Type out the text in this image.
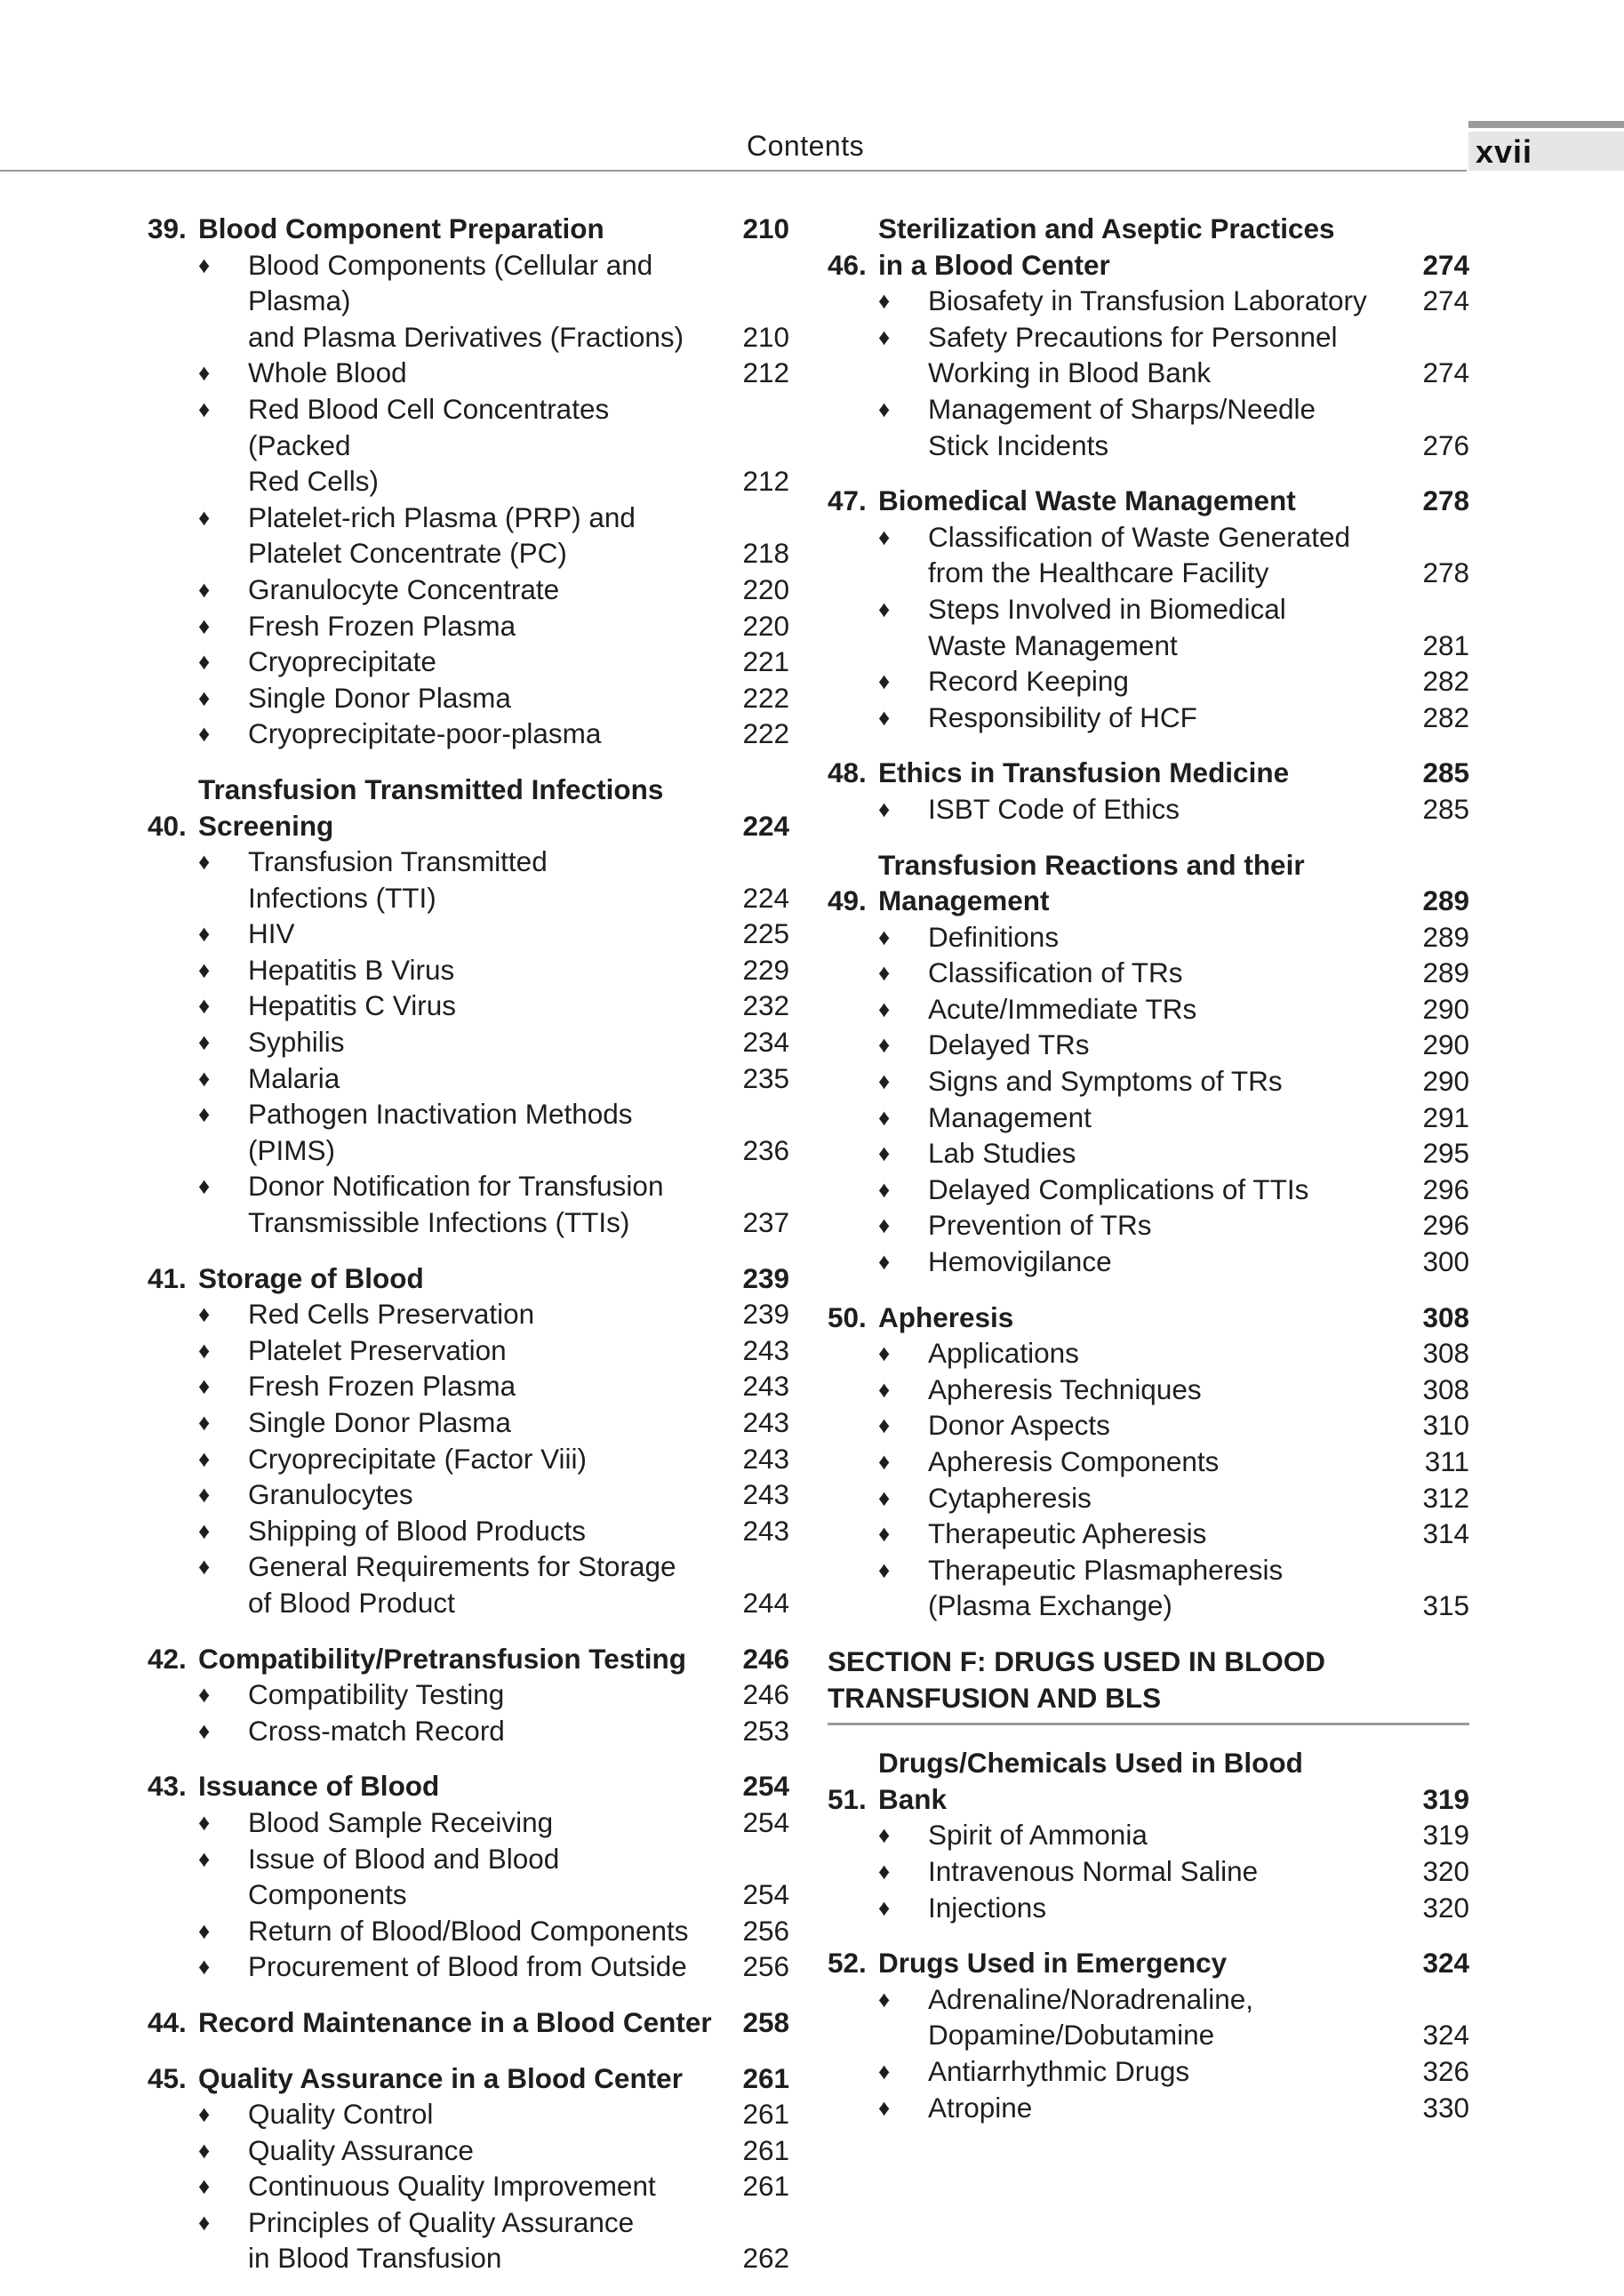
Contents	xvii
39. Blood Component Preparation	210
♦	Blood Components (Cellular and Plasma)
and Plasma Derivatives (Fractions)	210
♦	Whole Blood	212
♦	Red Blood Cell Concentrates (Packed
Red Cells)	212
♦	Platelet-rich Plasma (PRP) and
Platelet Concentrate (PC)	218
♦	Granulocyte Concentrate	220
♦	Fresh Frozen Plasma	220
♦	Cryoprecipitate	221
♦	Single Donor Plasma	222
♦	Cryoprecipitate-poor-plasma	222
40.
Transfusion Transmitted Infections
Screening	224
♦	Transfusion Transmitted
Infections (TTI)	224
♦	HIV	225
♦	Hepatitis B Virus	229
♦	Hepatitis C Virus	232
♦	Syphilis	234
♦	Malaria	235
♦	Pathogen Inactivation Methods (PIMS)	236
♦	Donor Notification for Transfusion
Transmissible Infections (TTIs)	237
41. Storage of Blood	239
♦	Red Cells Preservation	239
♦	Platelet Preservation	243
♦	Fresh Frozen Plasma	243
♦	Single Donor Plasma	243
♦	Cryoprecipitate (Factor Viii)	243
♦	Granulocytes	243
♦	Shipping of Blood Products	243
♦	General Requirements for Storage
of Blood Product	244
42. Compatibility/Pretransfusion Testing	246
♦	Compatibility Testing	246
♦	Cross-match Record	253
43. Issuance of Blood	254
♦	Blood Sample Receiving	254
♦	Issue of Blood and Blood Components	254
♦	Return of Blood/Blood Components	256
♦	Procurement of Blood from Outside	256
44. Record Maintenance in a Blood Center	258
45. Quality Assurance in a Blood Center	261
♦	Quality Control	261
♦	Quality Assurance	261
♦	Continuous Quality Improvement	261
♦	Principles of Quality Assurance
in Blood Transfusion	262
46.
Sterilization and Aseptic Practices
in a Blood Center	274
♦	Biosafety in Transfusion Laboratory	274
♦	Safety Precautions for Personnel
Working in Blood Bank	274
♦	Management of Sharps/Needle
Stick Incidents	276
47. Biomedical Waste Management	278
♦	Classification of Waste Generated
from the Healthcare Facility	278
♦	Steps Involved in Biomedical
Waste Management	281
♦	Record Keeping	282
♦	Responsibility of HCF	282
48. Ethics in Transfusion Medicine	285
♦	ISBT Code of Ethics	285
49.
Transfusion Reactions and their
Management	289
♦	Definitions	289
♦	Classification of TRs	289
♦	Acute/Immediate TRs	290
♦	Delayed TRs	290
♦	Signs and Symptoms of TRs	290
♦	Management	291
♦	Lab Studies	295
♦	Delayed Complications of TTIs	296
♦	Prevention of TRs	296
♦	Hemovigilance	300
50. Apheresis	308
♦	Applications	308
♦	Apheresis Techniques	308
♦	Donor Aspects	310
♦	Apheresis Components	311
♦	Cytapheresis	312
♦	Therapeutic Apheresis	314
♦	Therapeutic Plasmapheresis
(Plasma Exchange)	315
SECTION F: DRUGS USED IN BLOOD
TRANSFUSION AND BLS
51.
Drugs/Chemicals Used in Blood
Bank	319
♦	Spirit of Ammonia	319
♦	Intravenous Normal Saline	320
♦	Injections	320
52. Drugs Used in Emergency	324
♦	Adrenaline/Noradrenaline,
Dopamine/Dobutamine	324
♦	Antiarrhythmic Drugs	326
♦	Atropine	330
